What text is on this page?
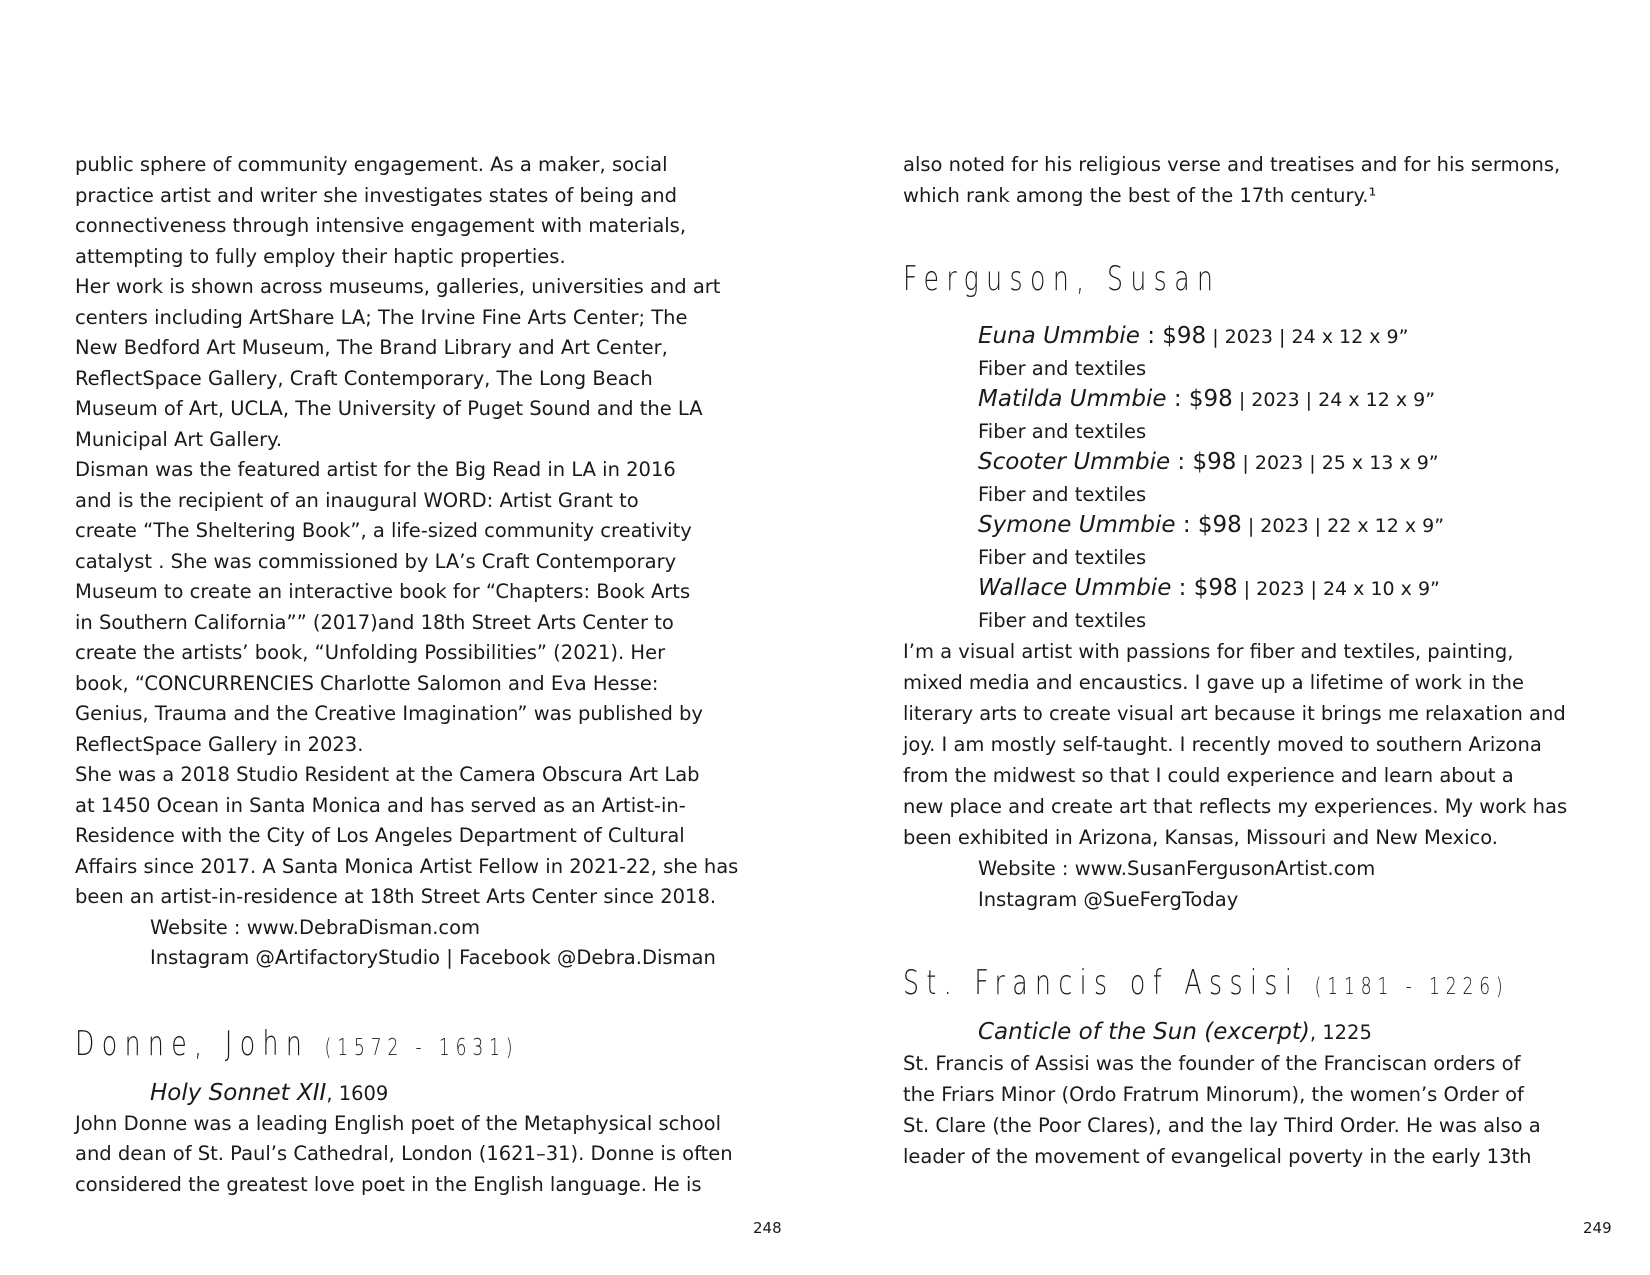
public sphere of community engagement. As a maker, social
practice artist and writer she investigates states of being and
connectiveness through intensive engagement with materials,
attempting to fully employ their haptic properties.

Her work is shown across museums, galleries, universities and art
centers including ArtShare LA; The Irvine Fine Arts Center; The
New Bedford Art Museum, The Brand Library and Art Center,
ReflectSpace Gallery, Craft Contemporary, The Long Beach
Museum of Art, UCLA, The University of Puget Sound and the LA
Municipal Art Gallery.

Disman was the featured artist for the Big Read in LA in 2016
and is the recipient of an inaugural WORD: Artist Grant to
create “The Sheltering Book”, a life-sized community creativity
catalyst . She was commissioned by LA’s Craft Contemporary
Museum to create an interactive book for “Chapters: Book Arts
in Southern California”” (2017)and 18th Street Arts Center to
create the artists’ book, “Unfolding Possibilities” (2021). Her
book, “CONCURRENCIES Charlotte Salomon and Eva Hesse:
Genius, Trauma and the Creative Imagination” was published by
ReflectSpace Gallery in 2023.

She was a 2018 Studio Resident at the Camera Obscura Art Lab
at 1450 Ocean in Santa Monica and has served as an Artist-in-
Residence with the City of Los Angeles Department of Cultural
Affairs since 2017. A Santa Monica Artist Fellow in 2021-22, she has
been an artist-in-residence at 18th Street Arts Center since 2018.

Website : www.DebraDisman.com
Instagram @ArtifactoryStudio | Facebook @Debra.Disman
Donne, John (1572 - 1631)
Holy Sonnet XII, 1609

John Donne was a leading English poet of the Metaphysical school
and dean of St. Paul’s Cathedral, London (1621–31). Donne is often
considered the greatest love poet in the English language. He is

248

also noted for his religious verse and treatises and for his sermons,
which rank among the best of the 17th century.¹

Ferguson, Susan
Euna Ummbie : $98 | 2023 | 24 x 12 x 9”
Fiber and textiles
Matilda Ummbie : $98 | 2023 | 24 x 12 x 9”
Fiber and textiles
Scooter Ummbie : $98 | 2023 | 25 x 13 x 9”
Fiber and textiles
Symone Ummbie : $98 | 2023 | 22 x 12 x 9”
Fiber and textiles
Wallace Ummbie : $98 | 2023 | 24 x 10 x 9”
Fiber and textiles

I’m a visual artist with passions for fiber and textiles, painting,
mixed media and encaustics. I gave up a lifetime of work in the
literary arts to create visual art because it brings me relaxation and
joy. I am mostly self-taught. I recently moved to southern Arizona
from the midwest so that I could experience and learn about a
new place and create art that reflects my experiences. My work has
been exhibited in Arizona, Kansas, Missouri and New Mexico.

Website : www.SusanFergusonArtist.com
Instagram @SueFergToday
St. Francis of Assisi (1181 - 1226)
Canticle of the Sun (excerpt), 1225

St. Francis of Assisi was the founder of the Franciscan orders of
the Friars Minor (Ordo Fratrum Minorum), the women’s Order of
St. Clare (the Poor Clares), and the lay Third Order. He was also a
leader of the movement of evangelical poverty in the early 13th

249
